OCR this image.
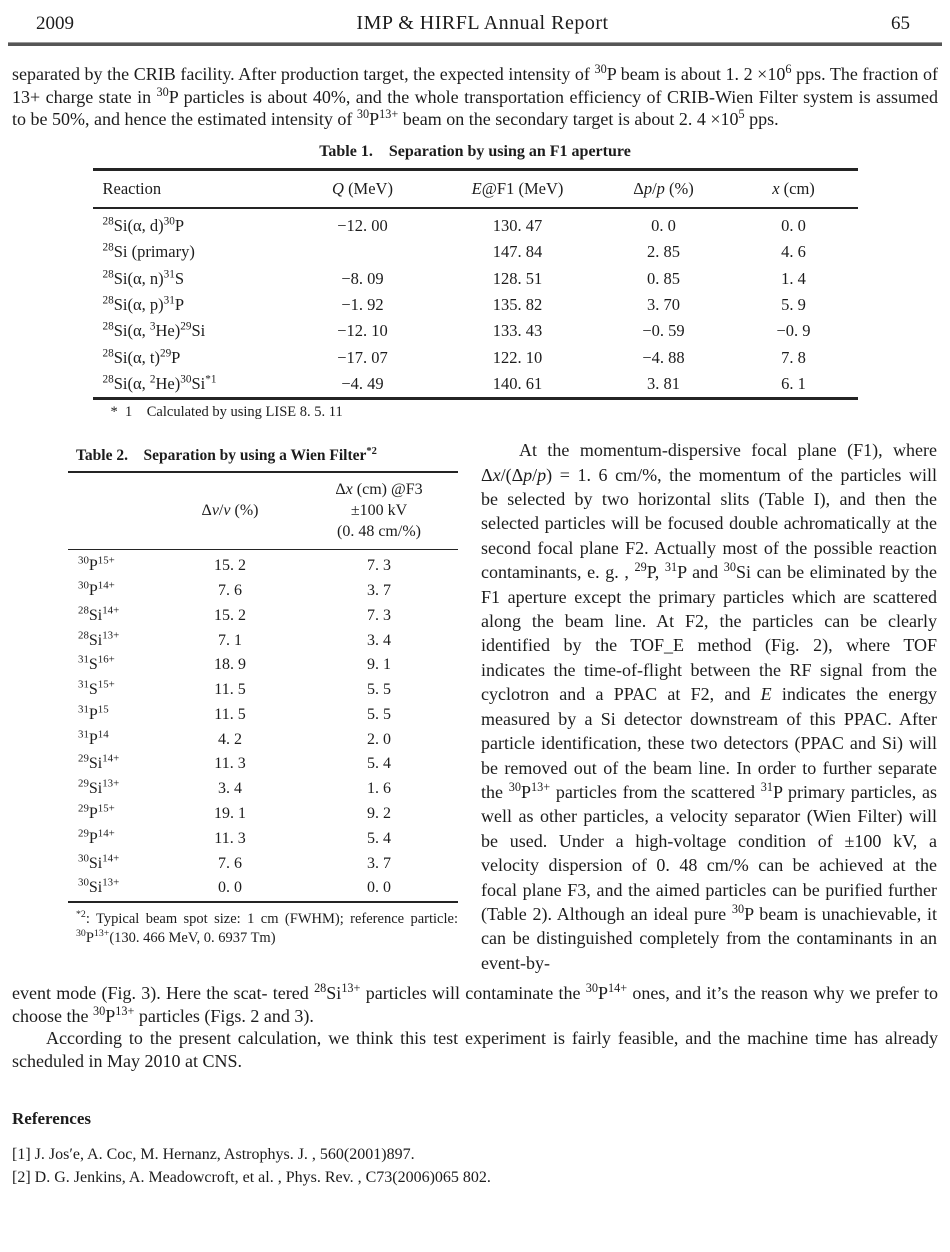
2009	IMP & HIRFL Annual Report	65
separated by the CRIB facility. After production target, the expected intensity of $^{30}$P beam is about 1. $2 \times 10^6$ pps. The fraction of 13+ charge state in $^{30}$P particles is about 40%, and the whole transportation efficiency of CRIB-Wien Filter system is assumed to be 50%, and hence the estimated intensity of $^{30}P^{13+}$ beam on the secondary target is about 2. $4 \times 10^5$ pps.
Table 1.    Separation by using an F1 aperture
Reaction	Q (MeV)	E@F1 (MeV)	Δp/p (%)	x (cm)
$^{28}$Si(α, d)$^{30}$P	−12. 00	130. 47	0. 0	0. 0
$^{28}$Si (primary)		147. 84	2. 85	4. 6
$^{28}$Si(α, n)$^{31}$S	−8. 09	128. 51	0. 85	1. 4
$^{28}$Si(α, p)$^{31}$P	−1. 92	135. 82	3. 70	5. 9
$^{28}$Si(α, $^3$He)$^{29}$Si	−12. 10	133. 43	−0. 59	−0. 9
$^{28}$Si(α, t)$^{29}$P	−17. 07	122. 10	−4. 88	7. 8
$^{28}$Si(α, $^2He)^{30}Si^{*1}$	−4. 49	140. 61	3. 81	6. 1
*  1    Calculated by using LISE 8. 5. 11
Table 2.    Separation by using a Wien Filter$^{*2}$
	Δv/v (%)	Δx (cm) @F3
±100 kV
(0. 48 cm/%)

$^{30}P^{15+}$	15. 2	7. 3
$^{30}P^{14+}$	7. 6	3. 7
$^{28}Si^{14+}$	15. 2	7. 3
$^{28}Si^{13+}$	7. 1	3. 4
$^{31}S^{16+}$	18. 9	9. 1
$^{31}S^{15+}$	11. 5	5. 5
$^{31}P^{15}$	11. 5	5. 5
$^{31}P^{14}$	4. 2	2. 0
$^{29}Si^{14+}$	11. 3	5. 4
$^{29}Si^{13+}$	3. 4	1. 6
$^{29}P^{15+}$	19. 1	9. 2
$^{29}P^{14+}$	11. 3	5. 4
$^{30}Si^{14+}$	7. 6	3. 7
$^{30}Si^{13+}$	0. 0	0. 0
$^{*2}$: Typical beam spot size: 1 cm (FWHM); reference particle: $^{30}P^{13+}(130$. 466 MeV, 0. 6937 Tm)
At the momentum-dispersive focal plane (F1), where Δx/(Δp/p) = 1. 6 cm/%, the momentum of the particles will be selected by two horizontal slits (Table I), and then the selected particles will be focused double achromatically at the second focal plane F2. Actually most of the possible reaction contaminants, e. g. , $^{29}$P, $^{31}$P and $^{30}$Si can be eliminated by the F1 aperture except the primary particles which are scattered along the beam line. At F2, the particles can be clearly identified by the TOF_E method (Fig. 2), where TOF indicates the time-of-flight between the RF signal from the cyclotron and a PPAC at F2, and E indicates the energy measured by a Si detector downstream of this PPAC. After particle identification, these two detectors (PPAC and Si) will be removed out of the beam line. In order to further separate the $^{30}P^{13+}$ particles from the scattered $^{31}$P primary particles, as well as other particles, a velocity separator (Wien Filter) will be used. Under a high-voltage condition of ±100 kV, a velocity dispersion of 0. 48 cm/% can be achieved at the focal plane F3, and the aimed particles can be purified further (Table 2). Although an ideal pure $^{30}$P beam is unachievable, it can be distinguished completely from the contaminants in an event-by-

event mode (Fig. 3). Here the scat- tered $^{28}Si^{13+}$ particles will contaminate the $^{30}P^{14+}$ ones, and it’s the reason why we prefer to choose the $^{30}P^{13+}$ particles (Figs. 2 and 3).

According to the present calculation, we think this test experiment is fairly feasible, and the machine time has already scheduled in May 2010 at CNS.

References

[1] J. Jos′e, A. Coc, M. Hernanz, Astrophys. J. , 560(2001)897.

[2] D. G. Jenkins, A. Meadowcroft, et al. , Phys. Rev. , C73(2006)065 802.
